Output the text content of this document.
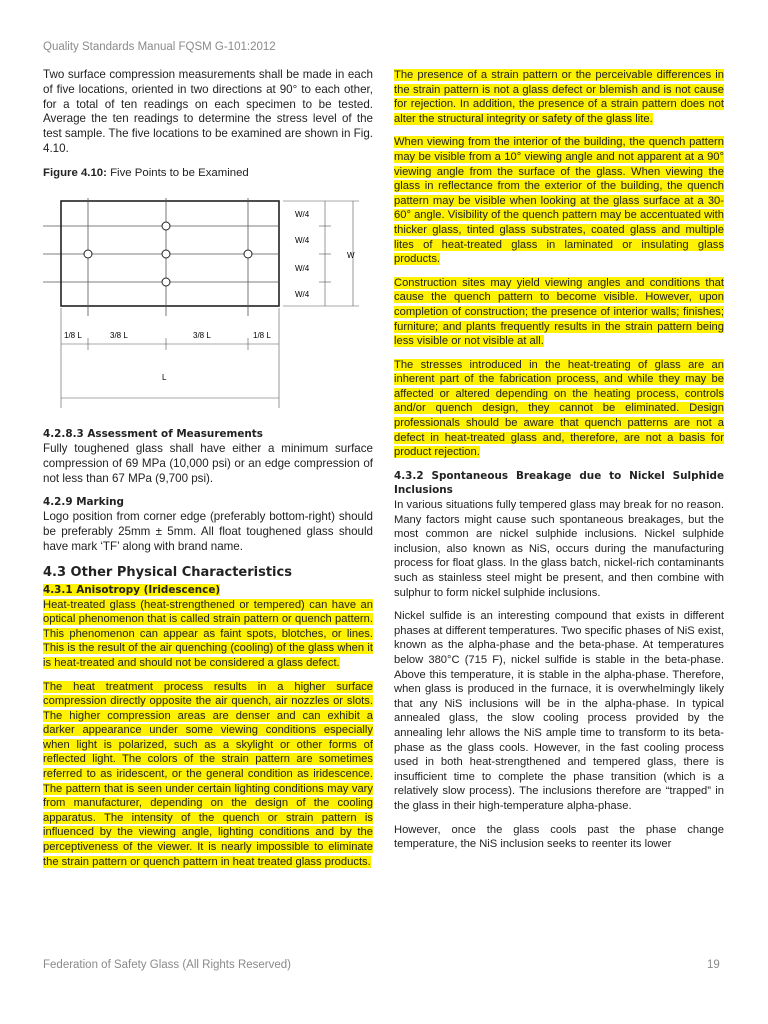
Quality Standards Manual FQSM G-101:2012

Two surface compression measurements shall be made in each of five locations, oriented in two directions at 90° to each other, for a total of ten readings on each specimen to be tested. Average the ten readings to determine the stress level of the test sample. The five locations to be examined are shown in Fig. 4.10.

Figure 4.10: Five Points to be Examined
W/4
W/4
W/4
W/4
W
1/8 L	3/8 L	3/8 L	1/8 L
L
4.2.8.3 Assessment of Measurements

Fully toughened glass shall have either a minimum surface compression of 69 MPa (10,000 psi) or an edge compression of not less than 67 MPa (9,700 psi).

4.2.9 Marking

Logo position from corner edge (preferably bottom-right) should be preferably 25mm ± 5mm. All float toughened glass should have mark ‘TF’ along with brand name.

4.3 Other Physical Characteristics
4.3.1 Anisotropy (Iridescence)

Heat-treated glass (heat-strengthened or tempered) can have an optical phenomenon that is called strain pattern or quench pattern. This phenomenon can appear as faint spots, blotches, or lines. This is the result of the air quenching (cooling) of the glass when it is heat-treated and should not be considered a glass defect.

The heat treatment process results in a higher surface compression directly opposite the air quench, air nozzles or slots. The higher compression areas are denser and can exhibit a darker appearance under some viewing conditions especially when light is polarized, such as a skylight or other forms of reflected light. The colors of the strain pattern are sometimes referred to as iridescent, or the general condition as iridescence. The pattern that is seen under certain lighting conditions may vary from manufacturer, depending on the design of the cooling apparatus. The intensity of the quench or strain pattern is influenced by the viewing angle, lighting conditions and by the perceptiveness of the viewer. It is nearly impossible to eliminate the strain pattern or quench pattern in heat treated glass products.

The presence of a strain pattern or the perceivable differences in the strain pattern is not a glass defect or blemish and is not cause for rejection. In addition, the presence of a strain pattern does not alter the structural integrity or safety of the glass lite.

When viewing from the interior of the building, the quench pattern may be visible from a 10° viewing angle and not apparent at a 90° viewing angle from the surface of the glass. When viewing the glass in reflectance from the exterior of the building, the quench pattern may be visible when looking at the glass surface at a 30-60° angle. Visibility of the quench pattern may be accentuated with thicker glass, tinted glass substrates, coated glass and multiple lites of heat-treated glass in laminated or insulating glass products.

Construction sites may yield viewing angles and conditions that cause the quench pattern to become visible. However, upon completion of construction; the presence of interior walls; finishes; furniture; and plants frequently results in the strain pattern being less visible or not visible at all.

The stresses introduced in the heat-treating of glass are an inherent part of the fabrication process, and while they may be affected or altered depending on the heating process, controls and/or quench design, they cannot be eliminated. Design professionals should be aware that quench patterns are not a defect in heat-treated glass and, therefore, are not a basis for product rejection.

4.3.2 Spontaneous Breakage due to Nickel Sulphide Inclusions

In various situations fully tempered glass may break for no reason. Many factors might cause such spontaneous breakages, but the most common are nickel sulphide inclusions. Nickel sulphide inclusion, also known as NiS, occurs during the manufacturing process for float glass. In the glass batch, nickel-rich contaminants such as stainless steel might be present, and then combine with sulphur to form nickel sulphide inclusions.

Nickel sulfide is an interesting compound that exists in different phases at different temperatures. Two specific phases of NiS exist, known as the alpha-phase and the beta-phase. At temperatures below 380°C (715 F), nickel sulfide is stable in the beta-phase. Above this temperature, it is stable in the alpha-phase. Therefore, when glass is produced in the furnace, it is overwhelmingly likely that any NiS inclusions will be in the alpha-phase. In typical annealed glass, the slow cooling process provided by the annealing lehr allows the NiS ample time to transform to its beta-phase as the glass cools. However, in the fast cooling process used in both heat-strengthened and tempered glass, there is insufficient time to complete the phase transition (which is a relatively slow process). The inclusions therefore are “trapped” in the glass in their high-temperature alpha-phase.

However, once the glass cools past the phase change temperature, the NiS inclusion seeks to reenter its lower

Federation of Safety Glass (All Rights Reserved)	19
